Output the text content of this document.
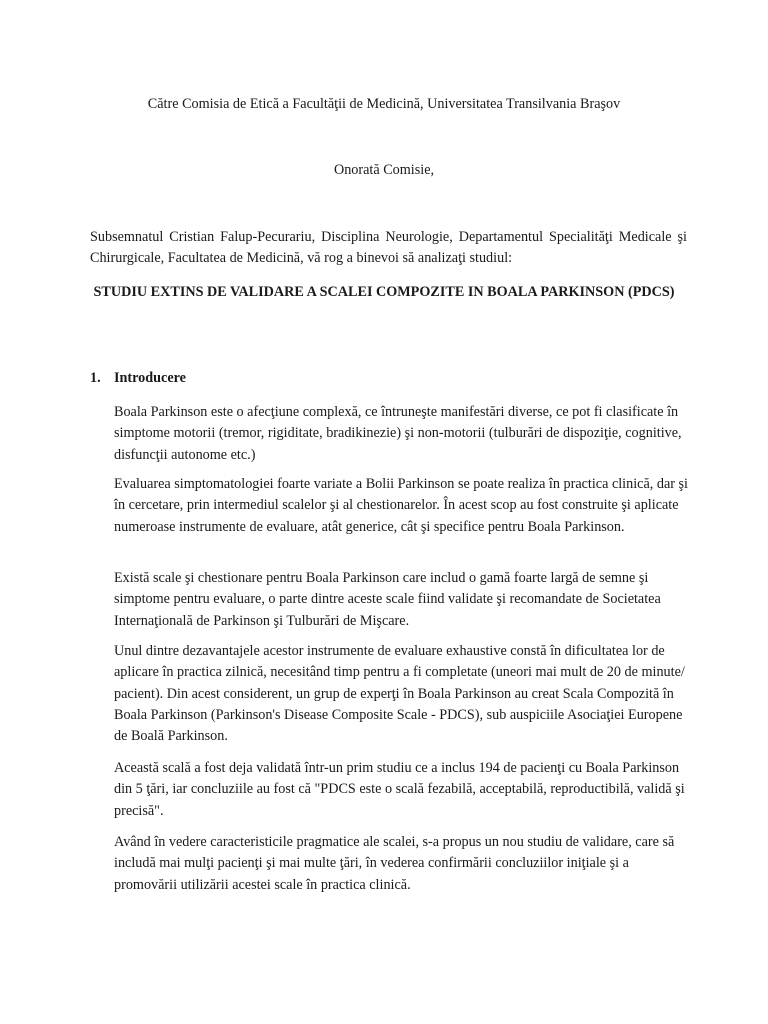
Către Comisia de Etică a Facultăţii de Medicină, Universitatea Transilvania Braşov
Onorată Comisie,

Subsemnatul Cristian Falup-Pecurariu, Disciplina Neurologie, Departamentul Specialităţi Medicale şi Chirurgicale, Facultatea de Medicină, vă rog a binevoi să analizaţi studiul:

STUDIU EXTINS DE VALIDARE A SCALEI COMPOZITE IN BOALA PARKINSON (PDCS)

1. Introducere

Boala Parkinson este o afecţiune complexă, ce întruneşte manifestări diverse, ce pot fi clasificate în simptome motorii (tremor, rigiditate, bradikinezie) şi non-motorii (tulburări de dispoziţie, cognitive, disfuncţii autonome etc.)

Evaluarea simptomatologiei foarte variate a Bolii Parkinson se poate realiza în practica clinică, dar şi în cercetare, prin intermediul scalelor şi al chestionarelor. În acest scop au fost construite şi aplicate numeroase instrumente de evaluare, atât generice, cât şi specifice pentru Boala Parkinson.

Există scale şi chestionare pentru Boala Parkinson care includ o gamă foarte largă de semne şi simptome pentru evaluare, o parte dintre aceste scale fiind validate şi recomandate de Societatea Internaţională de Parkinson şi Tulburări de Mişcare.

Unul dintre dezavantajele acestor instrumente de evaluare exhaustive constă în dificultatea lor de aplicare în practica zilnică, necesitând timp pentru a fi completate (uneori mai mult de 20 de minute/ pacient). Din acest considerent, un grup de experţi în Boala Parkinson au creat Scala Compozită în Boala Parkinson (Parkinson's Disease Composite Scale - PDCS), sub auspiciile Asociaţiei Europene de Boală Parkinson.

Această scală a fost deja validată într-un prim studiu ce a inclus 194 de pacienţi cu Boala Parkinson din 5 ţări, iar concluziile au fost că "PDCS este o scală fezabilă, acceptabilă, reproductibilă, validă şi precisă".

Având în vedere caracteristicile pragmatice ale scalei, s-a propus un nou studiu de validare, care să includă mai mulţi pacienţi şi mai multe ţări, în vederea confirmării concluziilor iniţiale şi a promovării utilizării acestei scale în practica clinică.
